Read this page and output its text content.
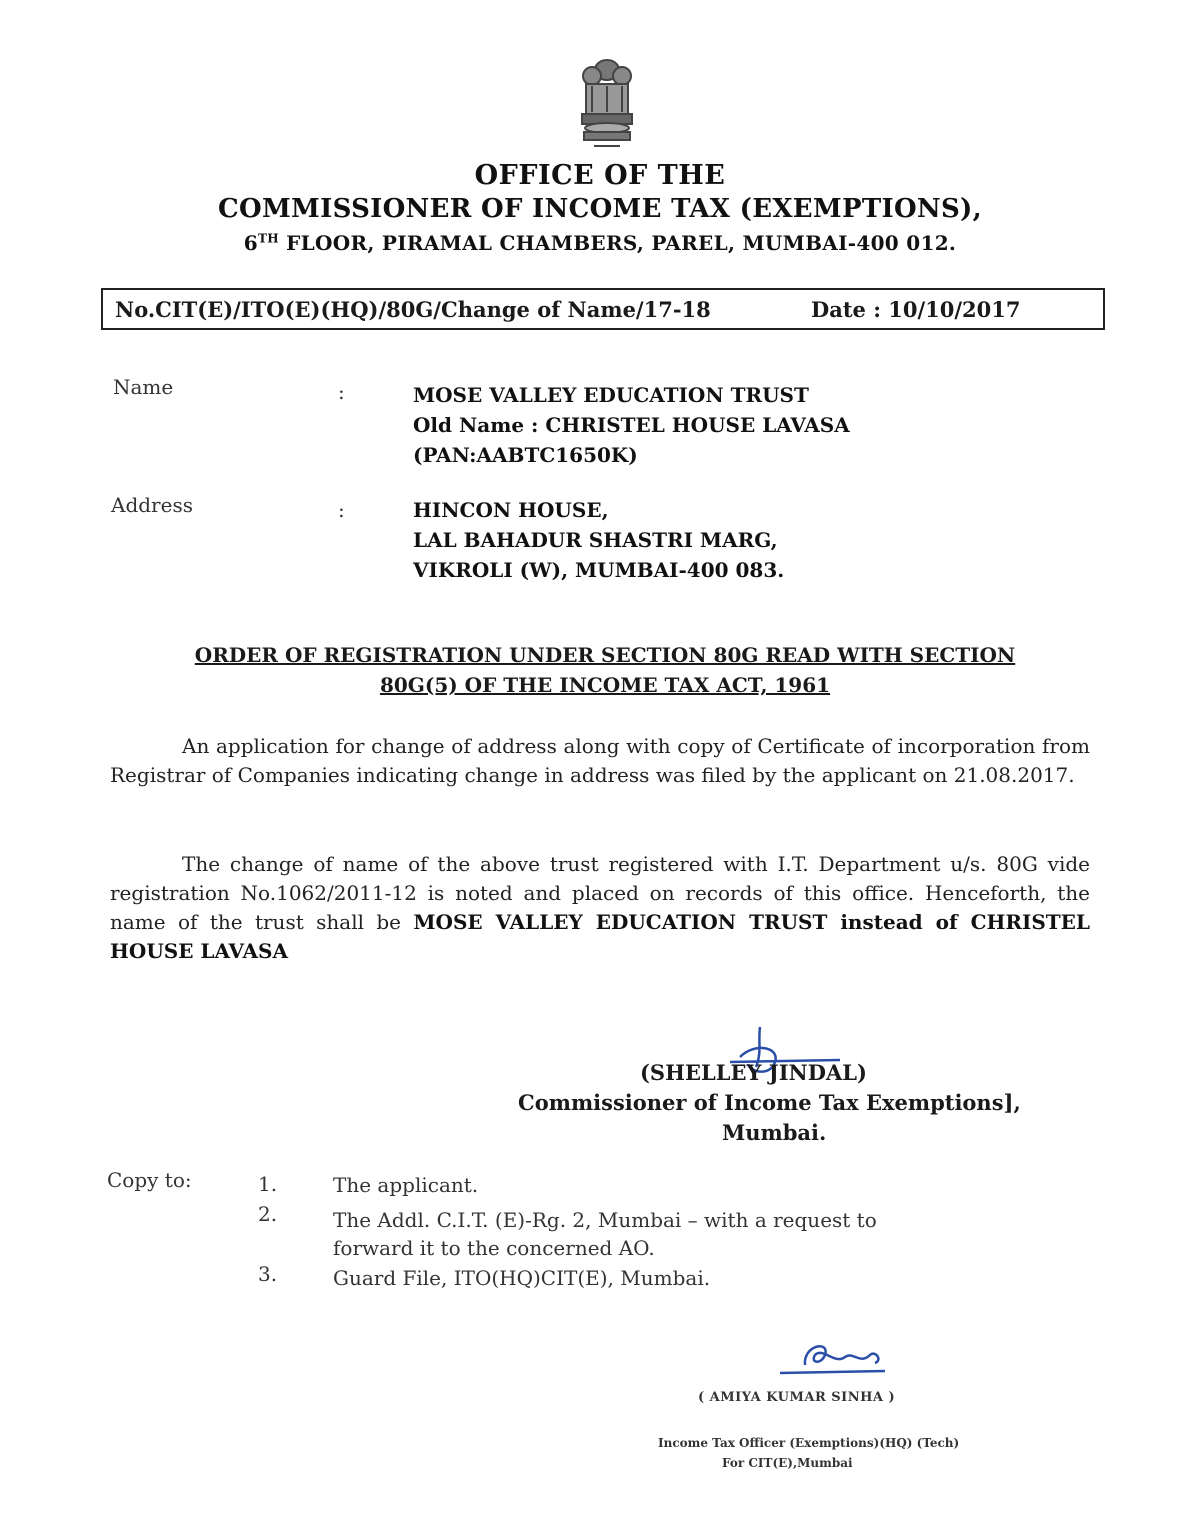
OFFICE OF THE
COMMISSIONER OF INCOME TAX (EXEMPTIONS),
6TH FLOOR, PIRAMAL CHAMBERS, PAREL, MUMBAI-400 012.
No.CIT(E)/ITO(E)(HQ)/80G/Change of Name/17-18	Date : 10/10/2017
Name	:	MOSE VALLEY EDUCATION TRUST
Old Name : CHRISTEL HOUSE LAVASA
(PAN:AABTC1650K)
Address	:	HINCON HOUSE,
LAL BAHADUR SHASTRI MARG,
VIKROLI (W), MUMBAI-400 083.
ORDER OF REGISTRATION UNDER SECTION 80G READ WITH SECTION
80G(5) OF THE INCOME TAX ACT, 1961
An application for change of address along with copy of Certificate of incorporation from Registrar of Companies indicating change in address was filed by the applicant on 21.08.2017.
The change of name of the above trust registered with I.T. Department u/s. 80G vide registration No.1062/2011-12 is noted and placed on records of this office. Henceforth, the name of the trust shall be MOSE VALLEY EDUCATION TRUST instead of CHRISTEL HOUSE LAVASA
(SHELLEY JINDAL)
Commissioner of Income Tax Exemptions],
Mumbai.
Copy to:	1.	The applicant.
2.	The Addl. C.I.T. (E)-Rg. 2, Mumbai – with a request to
forward it to the concerned AO.
3.	Guard File, ITO(HQ)CIT(E), Mumbai.
( AMIYA KUMAR SINHA )
Income Tax Officer (Exemptions)(HQ) (Tech)
For CIT(E),Mumbai
